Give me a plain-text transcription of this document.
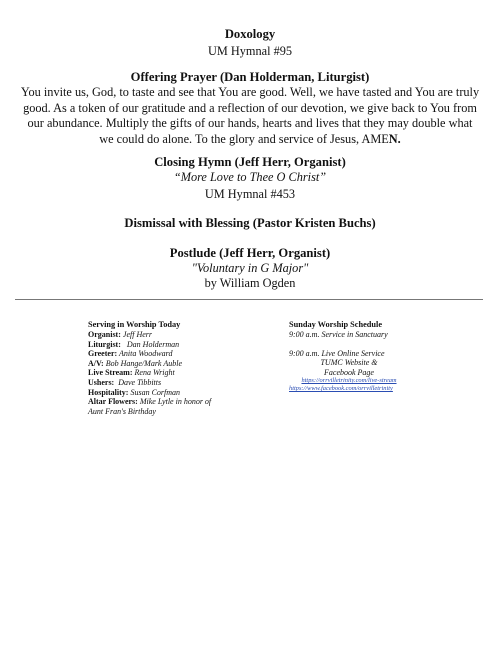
Doxology

UM Hymnal #95

Offering Prayer (Dan Holderman, Liturgist)

You invite us, God, to taste and see that You are good. Well, we have tasted and You are truly
good. As a token of our gratitude and a reflection of our devotion, we give back to You from
our abundance. Multiply the gifts of our hands, hearts and lives that they may double what
we could do alone. To the glory and service of Jesus, AMEN.

Closing Hymn (Jeff Herr, Organist)

“More Love to Thee O Christ”

UM Hymnal #453

Dismissal with Blessing (Pastor Kristen Buchs)

Postlude (Jeff Herr, Organist)

"Voluntary in G Major"

by William Ogden

Serving in Worship Today
Organist: Jeff Herr
Liturgist:   Dan Holderman
Greeter: Anita Woodward
A/V: Bob Hange/Mark Auble
Live Stream: Rena Wright
Ushers:  Dave Tibbitts
Hospitality: Susan Corfman
Altar Flowers: Mike Lytle in honor of
Aunt Fran's Birthday
Sunday Worship Schedule
9:00 a.m. Service in Sanctuary
9:00 a.m. Live Online Service
TUMC Website &
Facebook Page
https://orrvilletrinity.com/live-stream
https://www.facebook.com/orrvilletrinity
